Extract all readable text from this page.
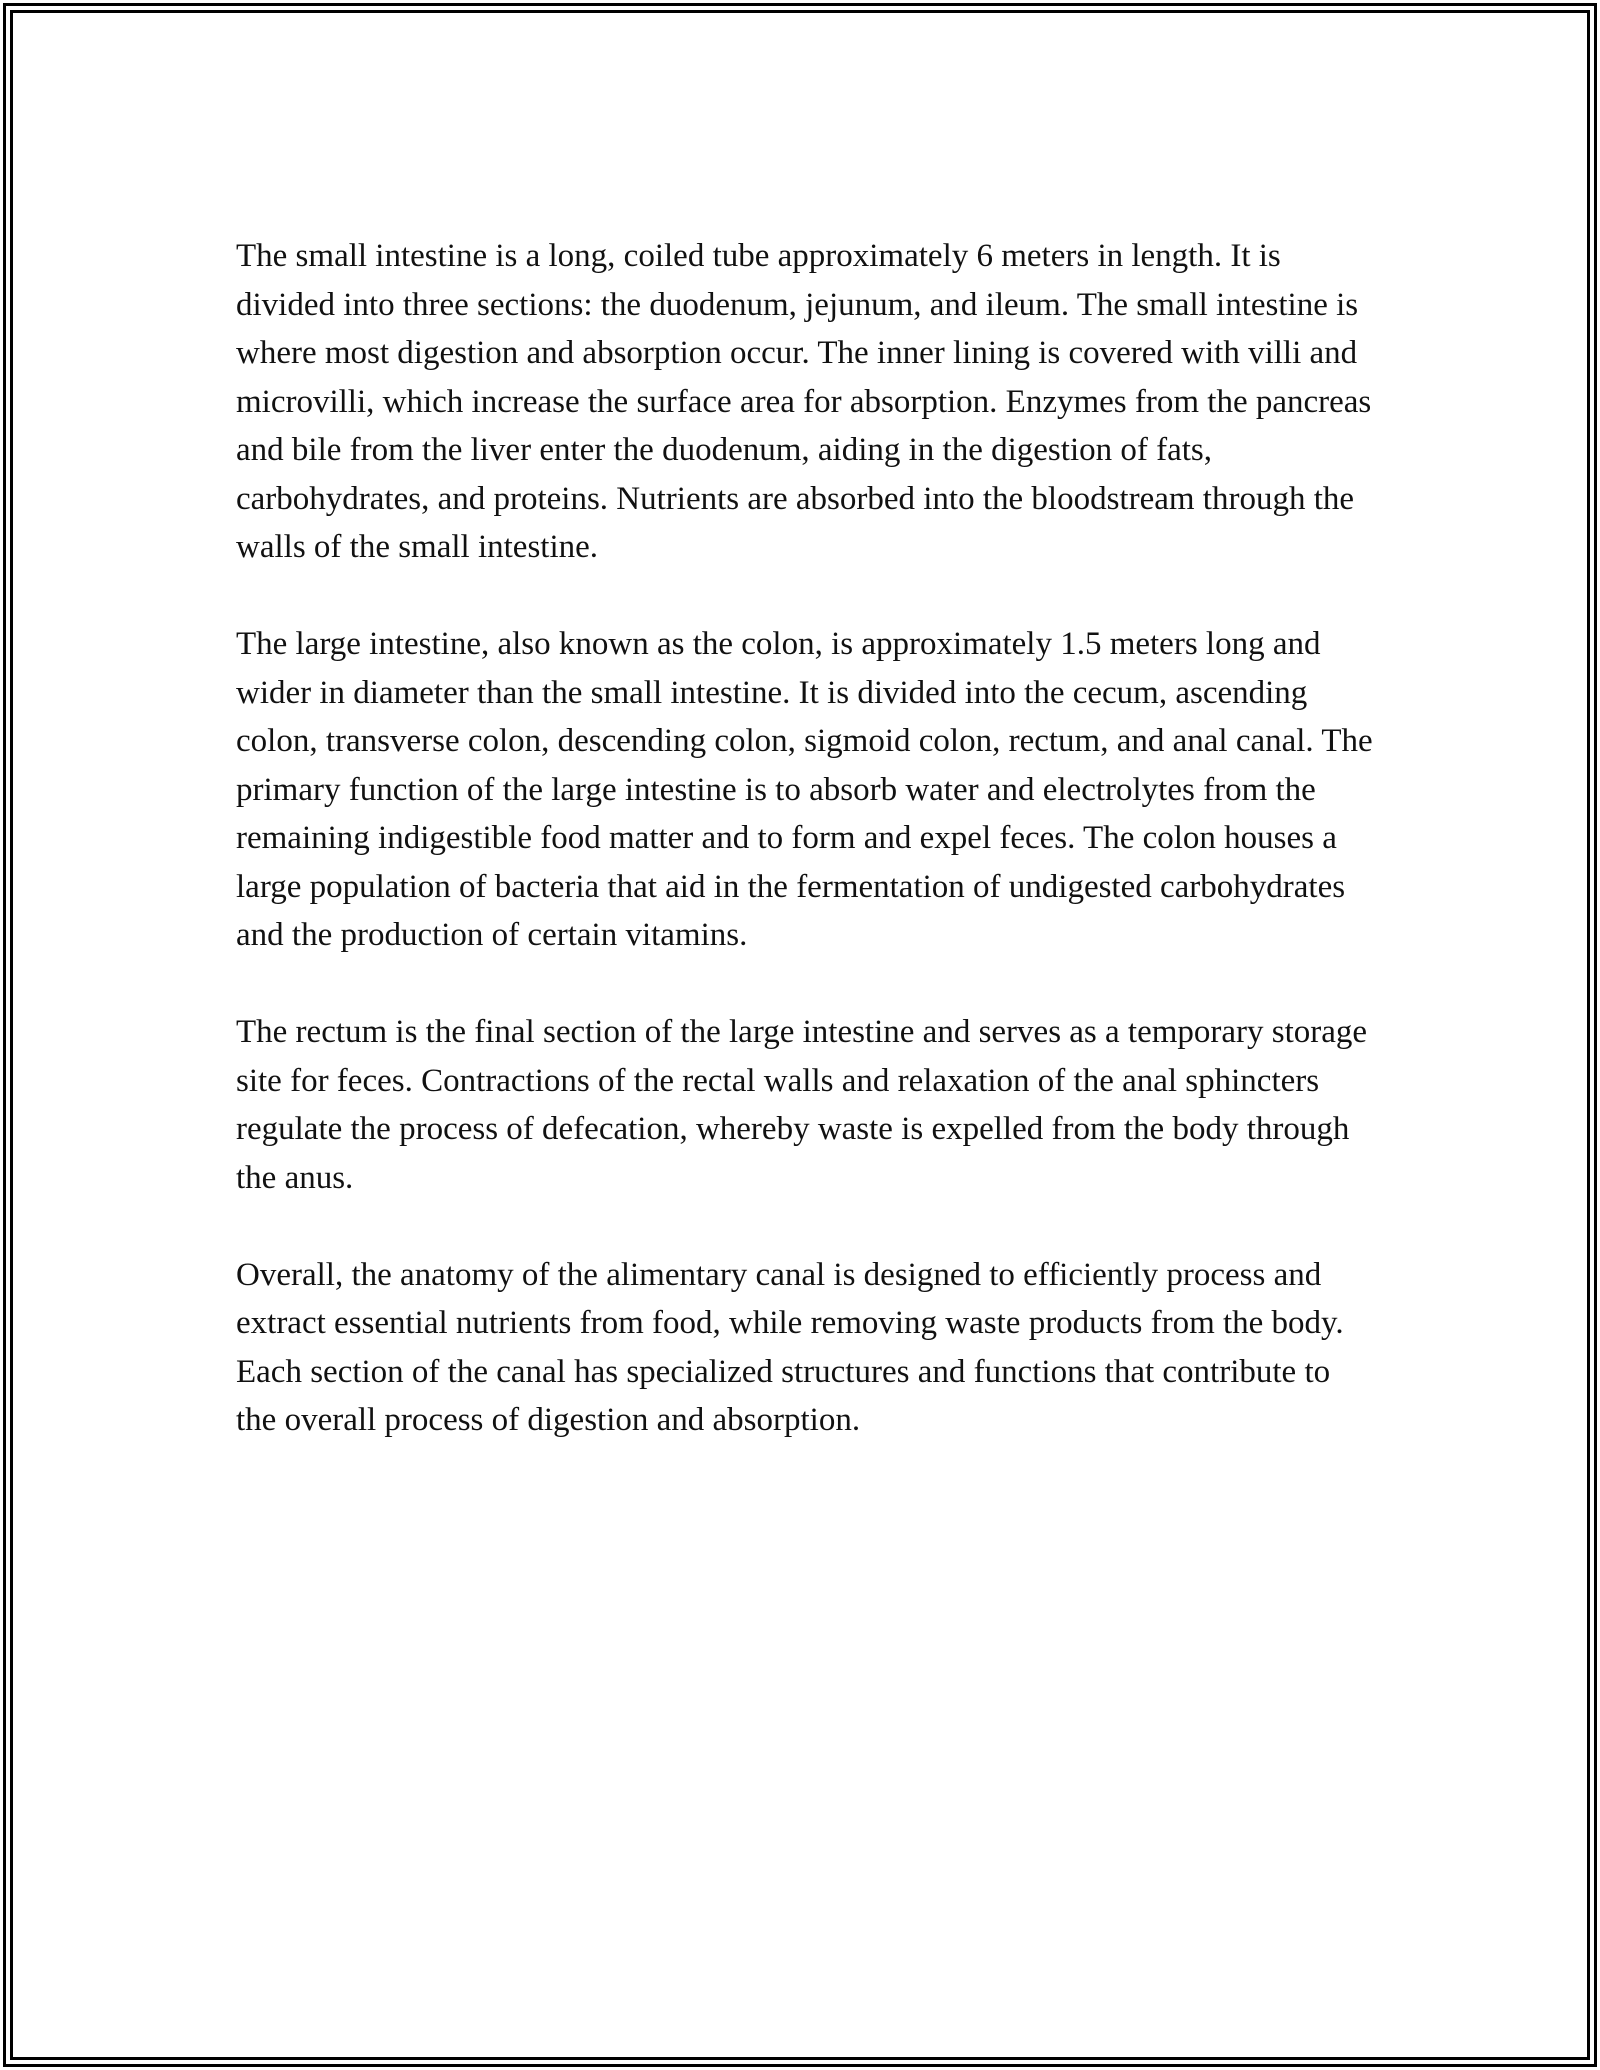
The small intestine is a long, coiled tube approximately 6 meters in length. It is divided into three sections: the duodenum, jejunum, and ileum. The small intestine is where most digestion and absorption occur. The inner lining is covered with villi and microvilli, which increase the surface area for absorption. Enzymes from the pancreas and bile from the liver enter the duodenum, aiding in the digestion of fats, carbohydrates, and proteins. Nutrients are absorbed into the bloodstream through the walls of the small intestine.

The large intestine, also known as the colon, is approximately 1.5 meters long and wider in diameter than the small intestine. It is divided into the cecum, ascending colon, transverse colon, descending colon, sigmoid colon, rectum, and anal canal. The primary function of the large intestine is to absorb water and electrolytes from the remaining indigestible food matter and to form and expel feces. The colon houses a large population of bacteria that aid in the fermentation of undigested carbohydrates and the production of certain vitamins.

The rectum is the final section of the large intestine and serves as a temporary storage site for feces. Contractions of the rectal walls and relaxation of the anal sphincters regulate the process of defecation, whereby waste is expelled from the body through the anus.

Overall, the anatomy of the alimentary canal is designed to efficiently process and extract essential nutrients from food, while removing waste products from the body. Each section of the canal has specialized structures and functions that contribute to the overall process of digestion and absorption.
